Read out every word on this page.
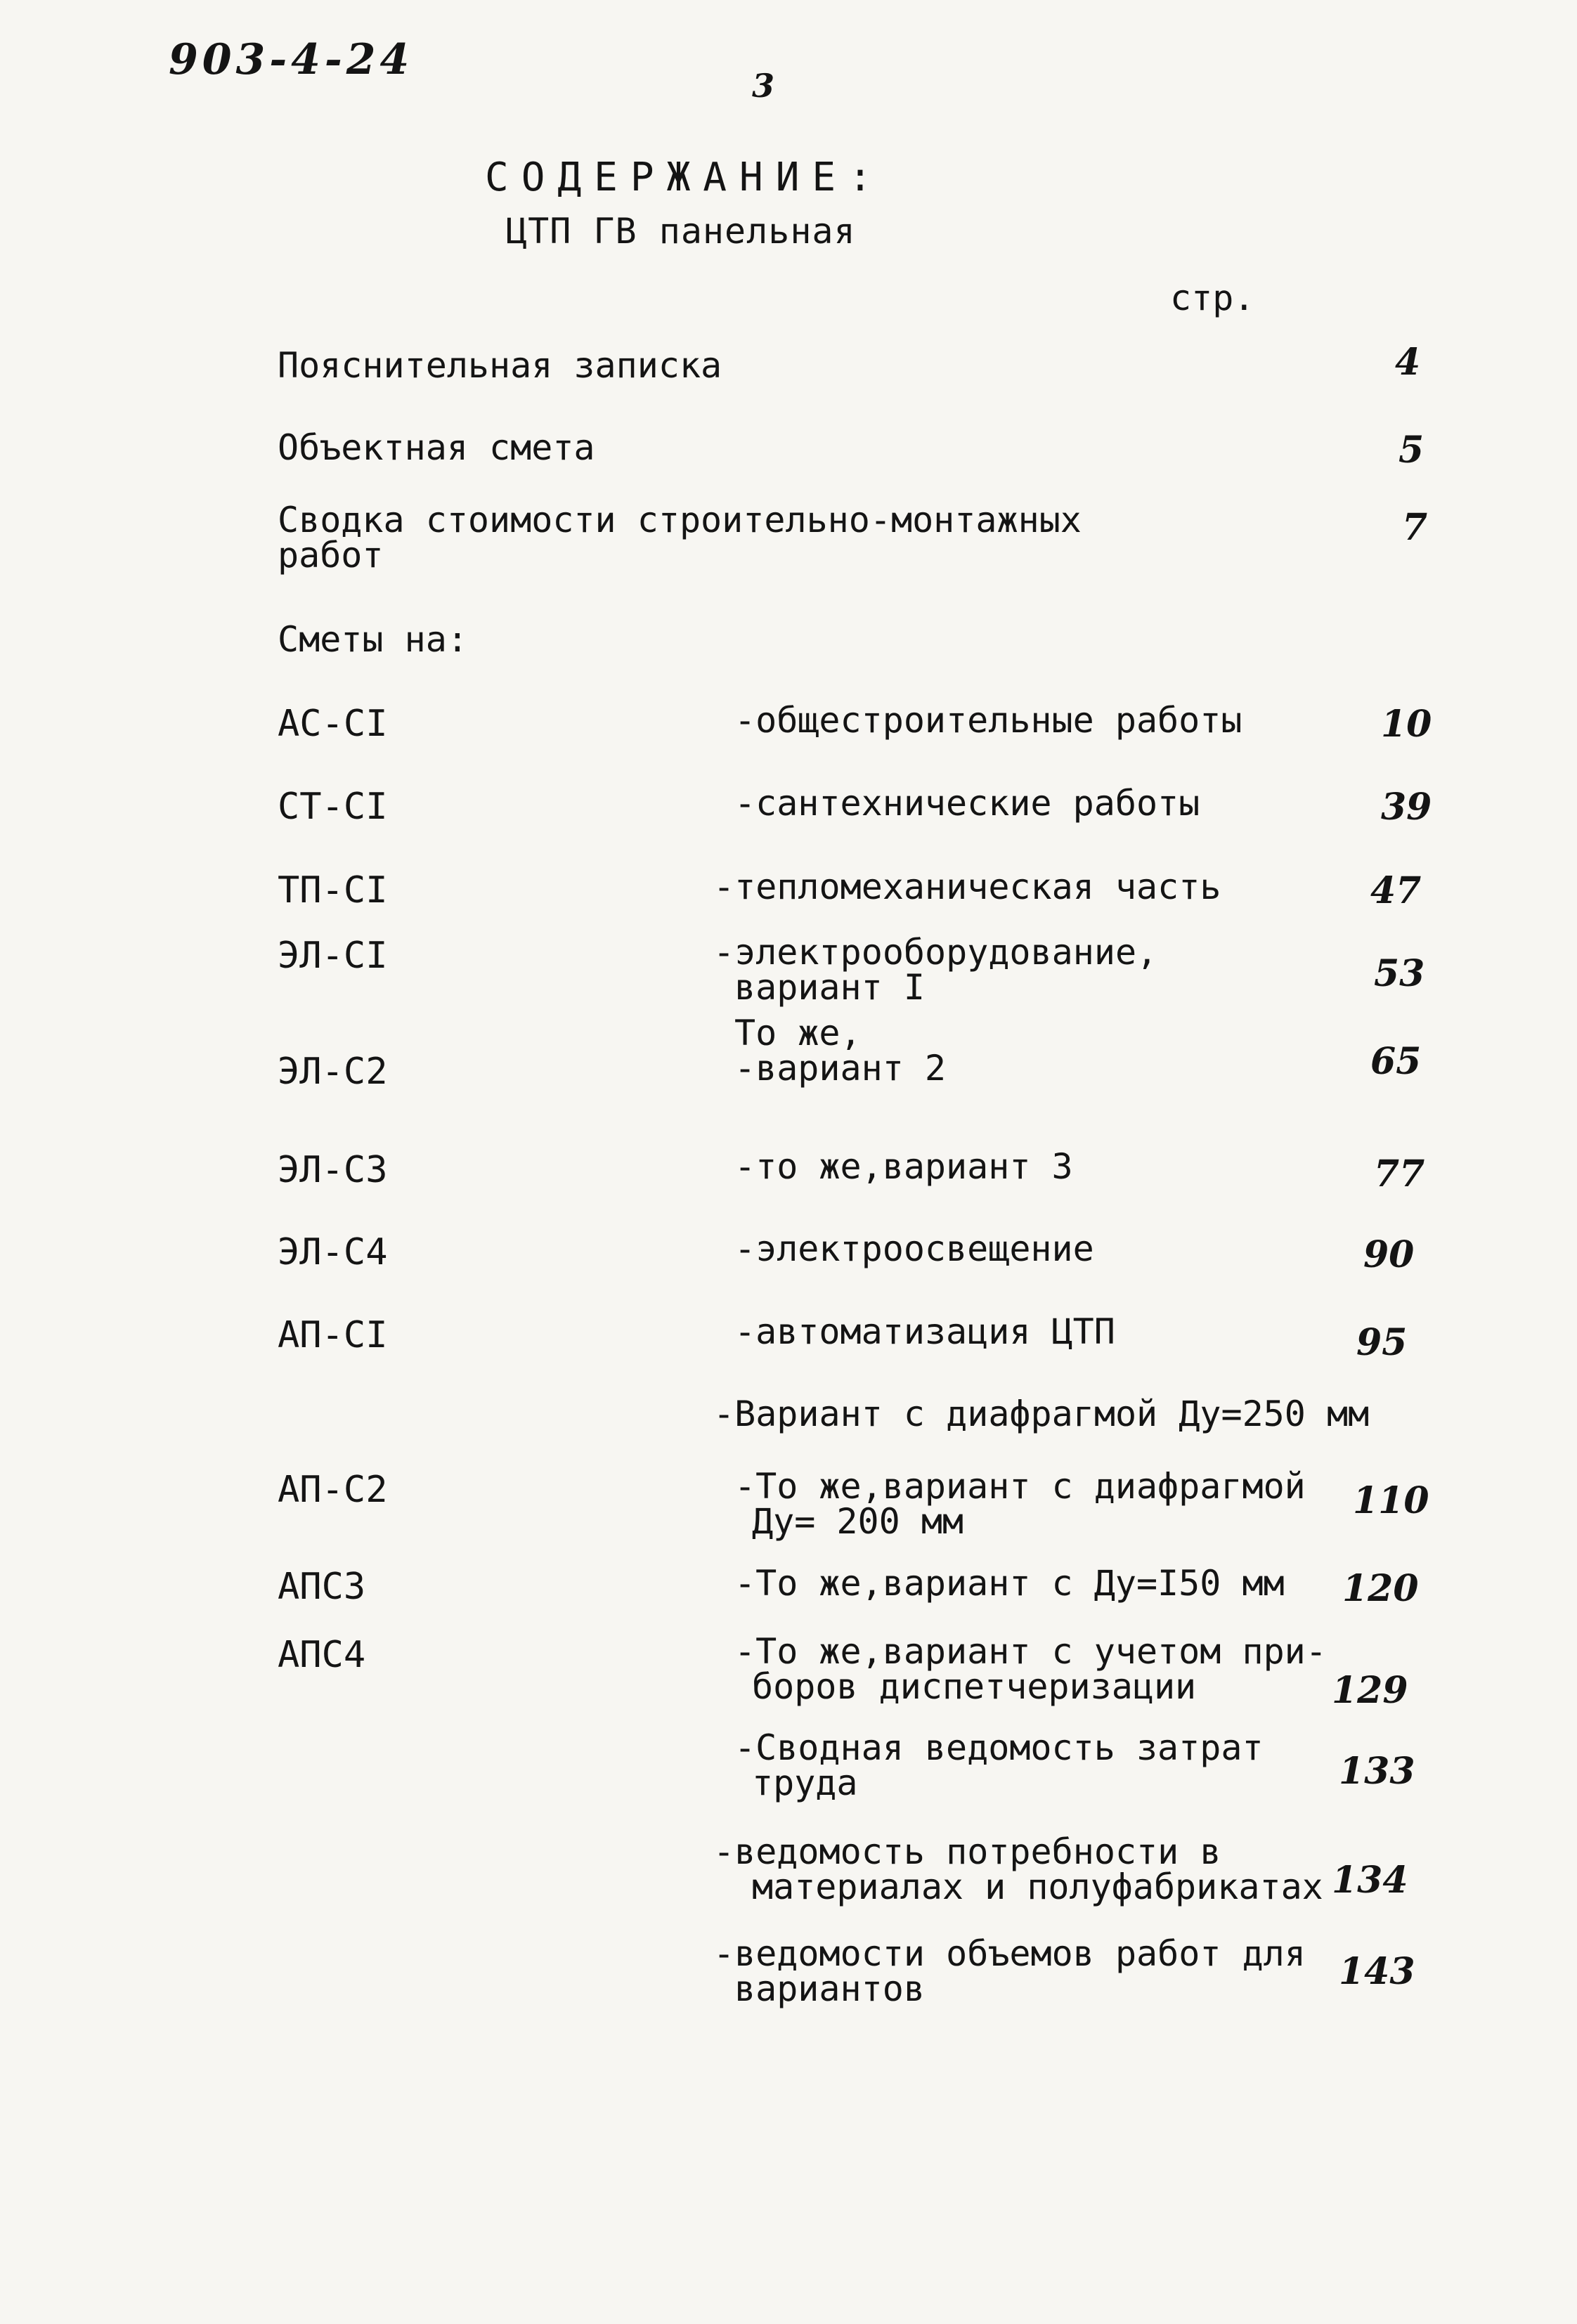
903-4-24
3
СОДЕРЖАНИЕ:
ЦТП ГВ панельная
стр.
Пояснительная записка	4
Объектная смета	5
Сводка стоимости строительно-монтажных
работ
7
Сметы на:
АС-СI	-общестроительные работы	10
СТ-СI	-сантехнические работы	39
ТП-СI	-тепломеханическая часть	47
ЭЛ-СI	-электрооборудование,
вариант I	53
То же,
ЭЛ-С2	-вариант 2	65
ЭЛ-С3	-то же,вариант 3	77
ЭЛ-С4	-электроосвещение	90
АП-СI	-автоматизация ЦТП	95
-Вариант с диафрагмой Ду=250 мм
АП-С2	-То же,вариант с диафрагмой
Ду= 200 мм	110
АПС3	-То же,вариант с Ду=I50 мм 120
АПС4	-То же,вариант с учетом при-
боров диспетчеризации	129
-Сводная ведомость затрат
труда	133
-ведомость потребности в
материалах и полуфабрикатах 134
-ведомости объемов работ для
вариантов	143
